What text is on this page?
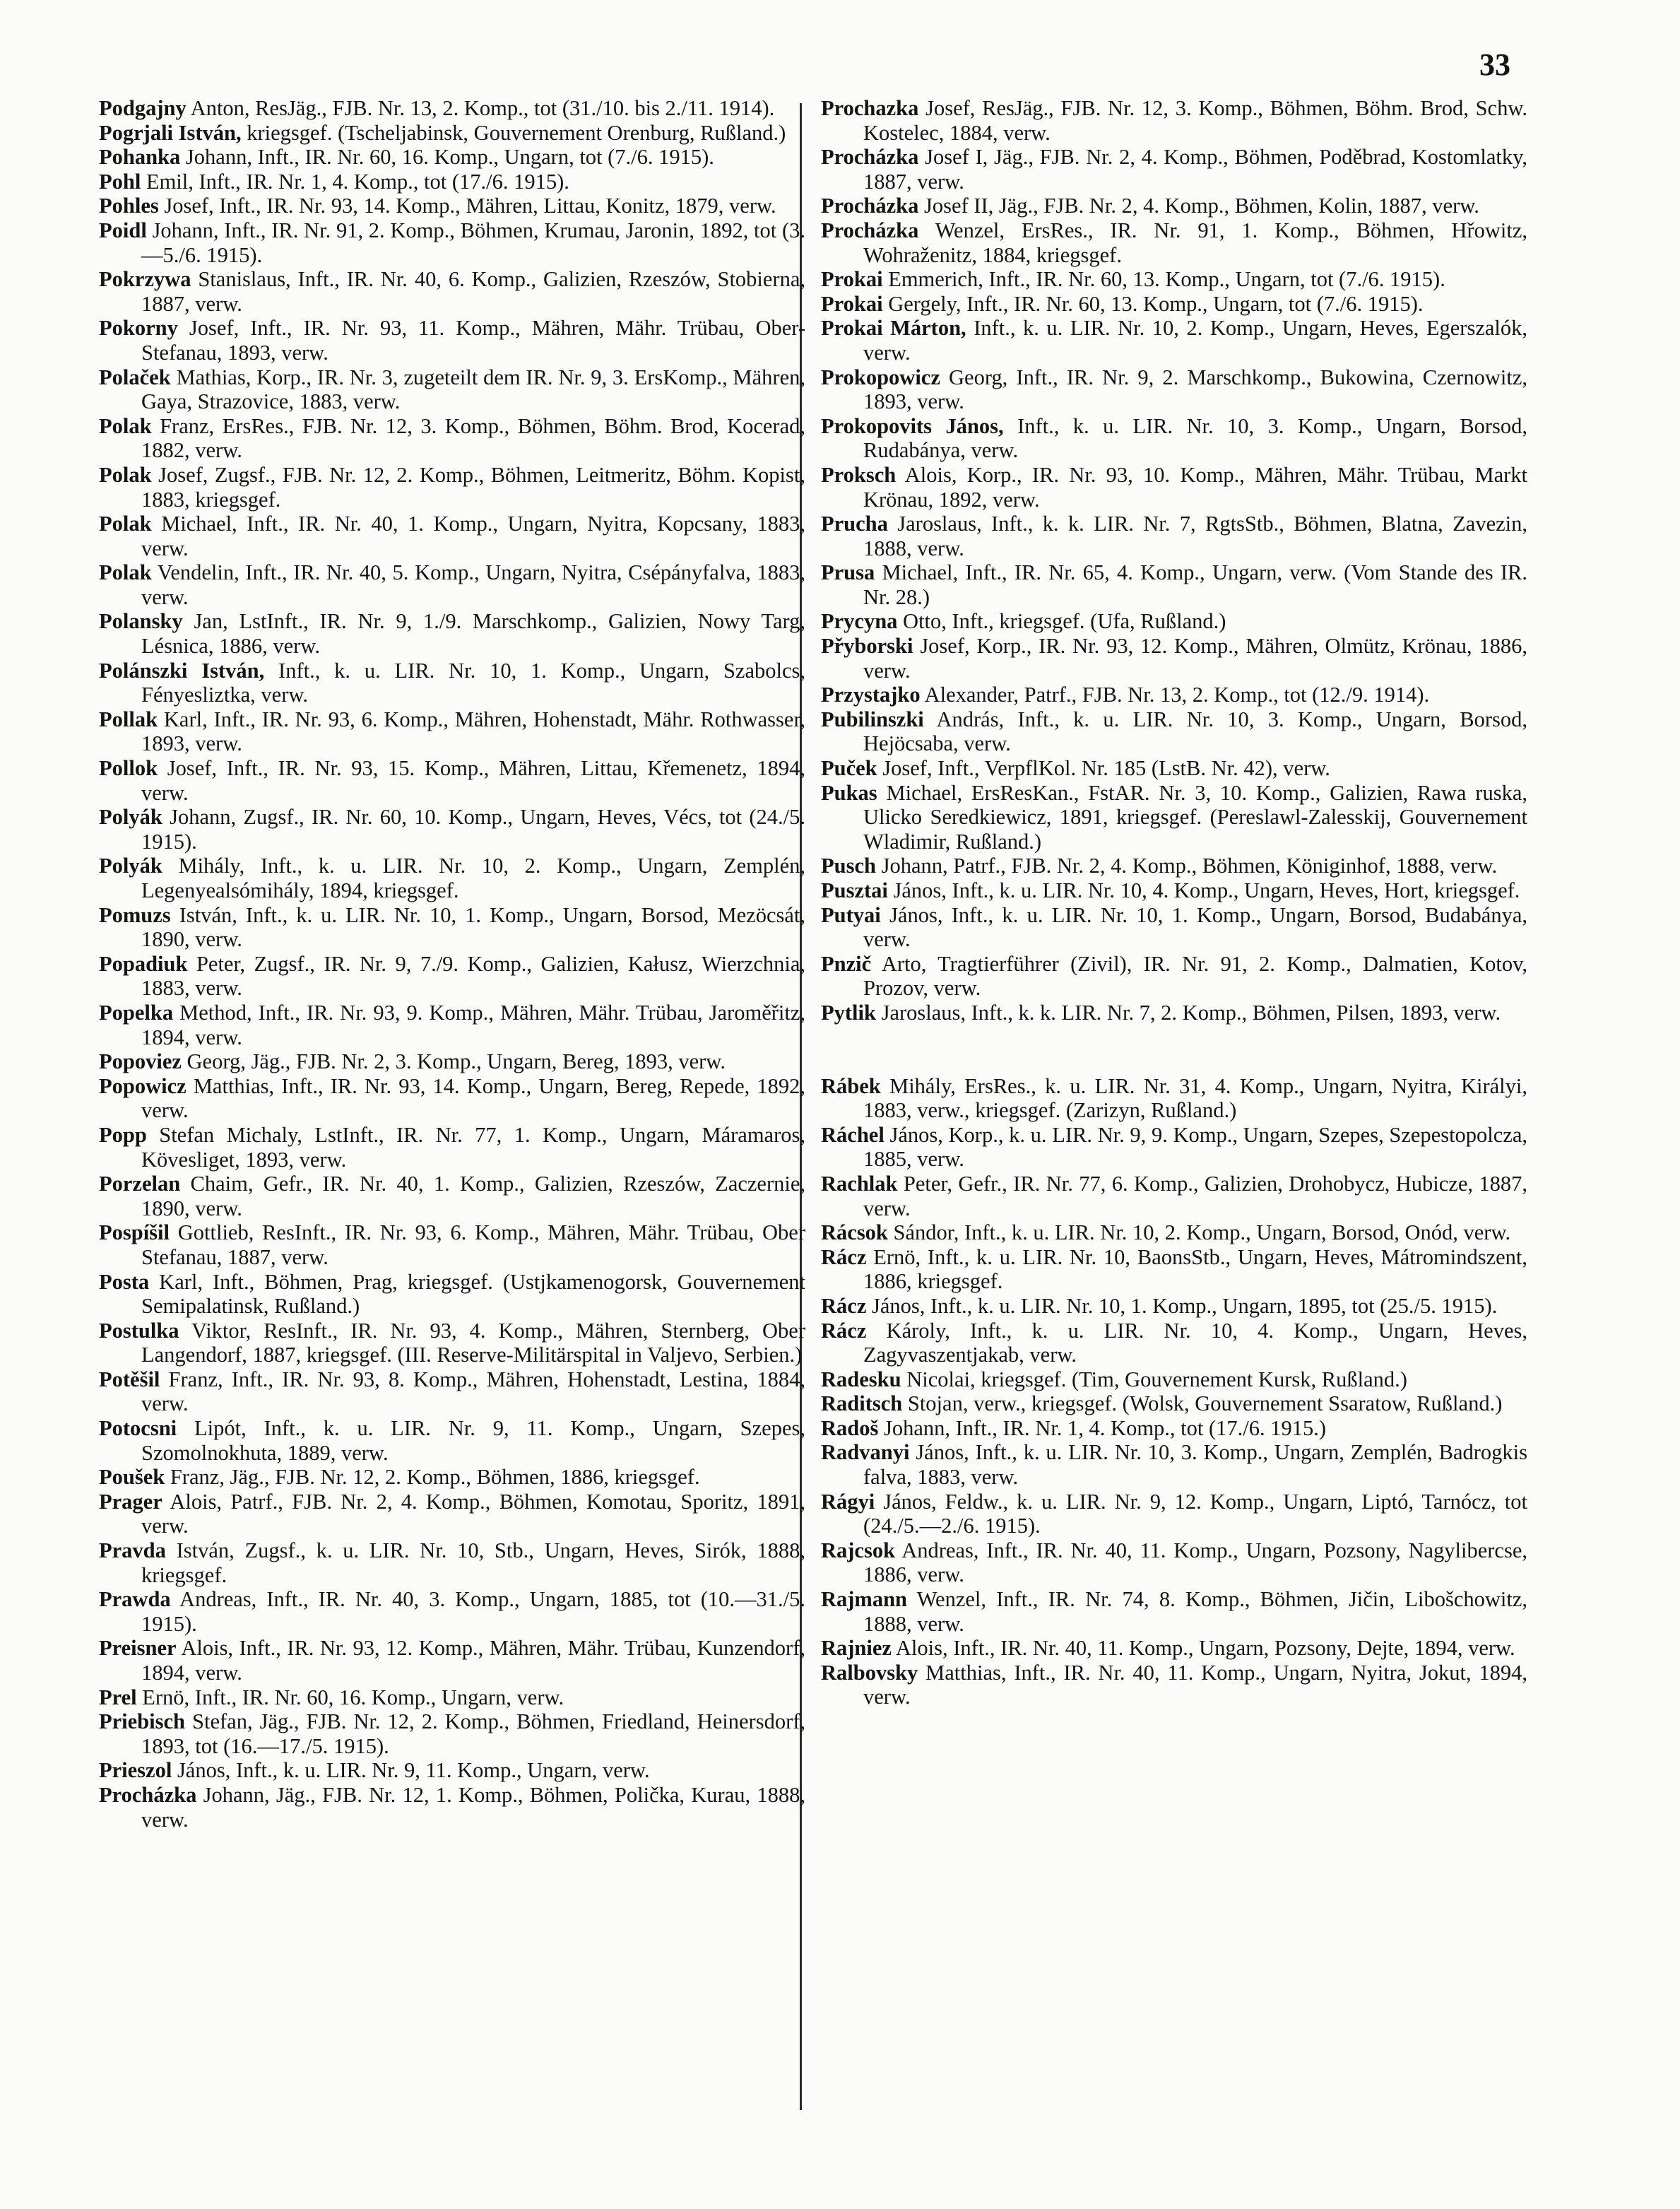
33

Podgajny Anton, ResJäg., FJB. Nr. 13, 2. Komp., tot (31./10. bis 2./11. 1914).

Pogrjali István, kriegsgef. (Tscheljabinsk, Gouvernement Orenburg, Rußland.)

Pohanka Johann, Inft., IR. Nr. 60, 16. Komp., Ungarn, tot (7./6. 1915).

Pohl Emil, Inft., IR. Nr. 1, 4. Komp., tot (17./6. 1915).

Pohles Josef, Inft., IR. Nr. 93, 14. Komp., Mähren, Littau, Konitz, 1879, verw.

Poidl Johann, Inft., IR. Nr. 91, 2. Komp., Böhmen, Krumau, Jaronin, 1892, tot (3.—5./6. 1915).

Pokrzywa Stanislaus, Inft., IR. Nr. 40, 6. Komp., Galizien, Rzeszów, Stobierna, 1887, verw.

Pokorny Josef, Inft., IR. Nr. 93, 11. Komp., Mähren, Mähr. Trübau, Ober-Stefanau, 1893, verw.

Polaček Mathias, Korp., IR. Nr. 3, zugeteilt dem IR. Nr. 9, 3. ErsKomp., Mähren, Gaya, Strazovice, 1883, verw.

Polak Franz, ErsRes., FJB. Nr. 12, 3. Komp., Böhmen, Böhm. Brod, Kocerad, 1882, verw.

Polak Josef, Zugsf., FJB. Nr. 12, 2. Komp., Böhmen, Leitmeritz, Böhm. Kopist, 1883, kriegsgef.

Polak Michael, Inft., IR. Nr. 40, 1. Komp., Ungarn, Nyitra, Kopcsany, 1883, verw.

Polak Vendelin, Inft., IR. Nr. 40, 5. Komp., Ungarn, Nyitra, Csépányfalva, 1883, verw.

Polansky Jan, LstInft., IR. Nr. 9, 1./9. Marschkomp., Galizien, Nowy Targ, Lésnica, 1886, verw.

Polánszki István, Inft., k. u. LIR. Nr. 10, 1. Komp., Ungarn, Szabolcs, Fényesliztka, verw.

Pollak Karl, Inft., IR. Nr. 93, 6. Komp., Mähren, Hohenstadt, Mähr. Rothwasser, 1893, verw.

Pollok Josef, Inft., IR. Nr. 93, 15. Komp., Mähren, Littau, Křemenetz, 1894, verw.

Polyák Johann, Zugsf., IR. Nr. 60, 10. Komp., Ungarn, Heves, Vécs, tot (24./5. 1915).

Polyák Mihály, Inft., k. u. LIR. Nr. 10, 2. Komp., Ungarn, Zemplén, Legenyealsómihály, 1894, kriegsgef.

Pomuzs István, Inft., k. u. LIR. Nr. 10, 1. Komp., Ungarn, Borsod, Mezöcsát, 1890, verw.

Popadiuk Peter, Zugsf., IR. Nr. 9, 7./9. Komp., Galizien, Kałusz, Wierzchnia, 1883, verw.

Popelka Method, Inft., IR. Nr. 93, 9. Komp., Mähren, Mähr. Trübau, Jaroměřitz, 1894, verw.

Popoviez Georg, Jäg., FJB. Nr. 2, 3. Komp., Ungarn, Bereg, 1893, verw.

Popowicz Matthias, Inft., IR. Nr. 93, 14. Komp., Ungarn, Bereg, Repede, 1892, verw.

Popp Stefan Michaly, LstInft., IR. Nr. 77, 1. Komp., Ungarn, Máramaros, Kövesliget, 1893, verw.

Porzelan Chaim, Gefr., IR. Nr. 40, 1. Komp., Galizien, Rzeszów, Zaczernie, 1890, verw.

Pospíšil Gottlieb, ResInft., IR. Nr. 93, 6. Komp., Mähren, Mähr. Trübau, Ober Stefanau, 1887, verw.

Posta Karl, Inft., Böhmen, Prag, kriegsgef. (Ustjkamenogorsk, Gouvernement Semipalatinsk, Rußland.)

Postulka Viktor, ResInft., IR. Nr. 93, 4. Komp., Mähren, Sternberg, Ober Langendorf, 1887, kriegsgef. (III. Reserve-Militärspital in Valjevo, Serbien.)

Potěšil Franz, Inft., IR. Nr. 93, 8. Komp., Mähren, Hohenstadt, Lestina, 1884, verw.

Potocsni Lipót, Inft., k. u. LIR. Nr. 9, 11. Komp., Ungarn, Szepes, Szomolnokhuta, 1889, verw.

Poušek Franz, Jäg., FJB. Nr. 12, 2. Komp., Böhmen, 1886, kriegsgef.

Prager Alois, Patrf., FJB. Nr. 2, 4. Komp., Böhmen, Komotau, Sporitz, 1891, verw.

Pravda István, Zugsf., k. u. LIR. Nr. 10, Stb., Ungarn, Heves, Sirók, 1888, kriegsgef.

Prawda Andreas, Inft., IR. Nr. 40, 3. Komp., Ungarn, 1885, tot (10.—31./5. 1915).

Preisner Alois, Inft., IR. Nr. 93, 12. Komp., Mähren, Mähr. Trübau, Kunzendorf, 1894, verw.

Prel Ernö, Inft., IR. Nr. 60, 16. Komp., Ungarn, verw.

Priebisch Stefan, Jäg., FJB. Nr. 12, 2. Komp., Böhmen, Friedland, Heinersdorf, 1893, tot (16.—17./5. 1915).

Prieszol János, Inft., k. u. LIR. Nr. 9, 11. Komp., Ungarn, verw.

Procházka Johann, Jäg., FJB. Nr. 12, 1. Komp., Böhmen, Polička, Kurau, 1888, verw.

Prochazka Josef, ResJäg., FJB. Nr. 12, 3. Komp., Böhmen, Böhm. Brod, Schw. Kostelec, 1884, verw.

Procházka Josef I, Jäg., FJB. Nr. 2, 4. Komp., Böhmen, Poděbrad, Kostomlatky, 1887, verw.

Procházka Josef II, Jäg., FJB. Nr. 2, 4. Komp., Böhmen, Kolin, 1887, verw.

Procházka Wenzel, ErsRes., IR. Nr. 91, 1. Komp., Böhmen, Hřowitz, Wohraženitz, 1884, kriegsgef.

Prokai Emmerich, Inft., IR. Nr. 60, 13. Komp., Ungarn, tot (7./6. 1915).

Prokai Gergely, Inft., IR. Nr. 60, 13. Komp., Ungarn, tot (7./6. 1915).

Prokai Márton, Inft., k. u. LIR. Nr. 10, 2. Komp., Ungarn, Heves, Egerszalók, verw.

Prokopowicz Georg, Inft., IR. Nr. 9, 2. Marschkomp., Bukowina, Czernowitz, 1893, verw.

Prokopovits János, Inft., k. u. LIR. Nr. 10, 3. Komp., Ungarn, Borsod, Rudabánya, verw.

Proksch Alois, Korp., IR. Nr. 93, 10. Komp., Mähren, Mähr. Trübau, Markt Krönau, 1892, verw.

Prucha Jaroslaus, Inft., k. k. LIR. Nr. 7, RgtsStb., Böhmen, Blatna, Zavezin, 1888, verw.

Prusa Michael, Inft., IR. Nr. 65, 4. Komp., Ungarn, verw. (Vom Stande des IR. Nr. 28.)

Prycyna Otto, Inft., kriegsgef. (Ufa, Rußland.)

Přyborski Josef, Korp., IR. Nr. 93, 12. Komp., Mähren, Olmütz, Krönau, 1886, verw.

Przystajko Alexander, Patrf., FJB. Nr. 13, 2. Komp., tot (12./9. 1914).

Pubilinszki András, Inft., k. u. LIR. Nr. 10, 3. Komp., Ungarn, Borsod, Hejöcsaba, verw.

Puček Josef, Inft., VerpflKol. Nr. 185 (LstB. Nr. 42), verw.

Pukas Michael, ErsResKan., FstAR. Nr. 3, 10. Komp., Galizien, Rawa ruska, Ulicko Seredkiewicz, 1891, kriegsgef. (Pereslawl-Zalesskij, Gouvernement Wladimir, Rußland.)

Pusch Johann, Patrf., FJB. Nr. 2, 4. Komp., Böhmen, Königinhof, 1888, verw.

Pusztai János, Inft., k. u. LIR. Nr. 10, 4. Komp., Ungarn, Heves, Hort, kriegsgef.

Putyai János, Inft., k. u. LIR. Nr. 10, 1. Komp., Ungarn, Borsod, Budabánya, verw.

Pnzič Arto, Tragtierführer (Zivil), IR. Nr. 91, 2. Komp., Dalmatien, Kotov, Prozov, verw.

Pytlik Jaroslaus, Inft., k. k. LIR. Nr. 7, 2. Komp., Böhmen, Pilsen, 1893, verw.

Rábek Mihály, ErsRes., k. u. LIR. Nr. 31, 4. Komp., Ungarn, Nyitra, Királyi, 1883, verw., kriegsgef. (Zarizyn, Rußland.)

Ráchel János, Korp., k. u. LIR. Nr. 9, 9. Komp., Ungarn, Szepes, Szepestopolcza, 1885, verw.

Rachlak Peter, Gefr., IR. Nr. 77, 6. Komp., Galizien, Drohobycz, Hubicze, 1887, verw.

Rácsok Sándor, Inft., k. u. LIR. Nr. 10, 2. Komp., Ungarn, Borsod, Onód, verw.

Rácz Ernö, Inft., k. u. LIR. Nr. 10, BaonsStb., Ungarn, Heves, Mátromindszent, 1886, kriegsgef.

Rácz János, Inft., k. u. LIR. Nr. 10, 1. Komp., Ungarn, 1895, tot (25./5. 1915).

Rácz Károly, Inft., k. u. LIR. Nr. 10, 4. Komp., Ungarn, Heves, Zagyvaszentjakab, verw.

Radesku Nicolai, kriegsgef. (Tim, Gouvernement Kursk, Rußland.)

Raditsch Stojan, verw., kriegsgef. (Wolsk, Gouvernement Ssaratow, Rußland.)

Radoš Johann, Inft., IR. Nr. 1, 4. Komp., tot (17./6. 1915.)

Radvanyi János, Inft., k. u. LIR. Nr. 10, 3. Komp., Ungarn, Zemplén, Badrogkis falva, 1883, verw.

Rágyi János, Feldw., k. u. LIR. Nr. 9, 12. Komp., Ungarn, Liptó, Tarnócz, tot (24./5.—2./6. 1915).

Rajcsok Andreas, Inft., IR. Nr. 40, 11. Komp., Ungarn, Pozsony, Nagylibercse, 1886, verw.

Rajmann Wenzel, Inft., IR. Nr. 74, 8. Komp., Böhmen, Jičin, Libošchowitz, 1888, verw.

Rajniez Alois, Inft., IR. Nr. 40, 11. Komp., Ungarn, Pozsony, Dejte, 1894, verw.

Ralbovsky Matthias, Inft., IR. Nr. 40, 11. Komp., Ungarn, Nyitra, Jokut, 1894, verw.
